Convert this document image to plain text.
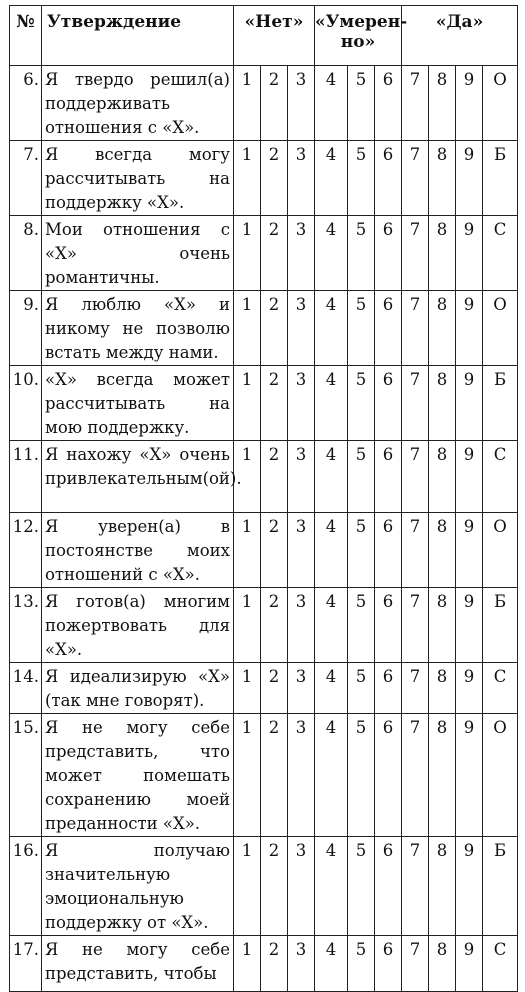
№	Утверждение	«Нет»			«Умеренно»			«Да»			
6.	Я твердо решил(а) поддерживать отношения с «Х».	1	2	3	4	5	6	7	8	9	О
7.	Я всегда могу рассчитывать на поддержку «Х».	1	2	3	4	5	6	7	8	9	Б
8.	Мои отношения с «Х» очень романтичны.	1	2	3	4	5	6	7	8	9	С
9.	Я люблю «Х» и никому не позволю встать между нами.	1	2	3	4	5	6	7	8	9	О
10.	«Х» всегда может рассчитывать на мою поддержку.	1	2	3	4	5	6	7	8	9	Б
11.	Я нахожу «Х» очень привлекательным(ой).	1	2	3	4	5	6	7	8	9	С
12.	Я уверен(а) в постоянстве моих отношений с «Х».	1	2	3	4	5	6	7	8	9	О
13.	Я готов(а) многим пожертвовать для «Х».	1	2	3	4	5	6	7	8	9	Б
14.	Я идеализирую «Х» (так мне говорят).	1	2	3	4	5	6	7	8	9	С
15.	Я не могу себе представить, что может помешать сохранению моей преданности «Х».	1	2	3	4	5	6	7	8	9	О
16.	Я получаю значительную эмоциональную поддержку от «Х».	1	2	3	4	5	6	7	8	9	Б
17.	Я не могу себе представить, чтобы	1	2	3	4	5	6	7	8	9	С
